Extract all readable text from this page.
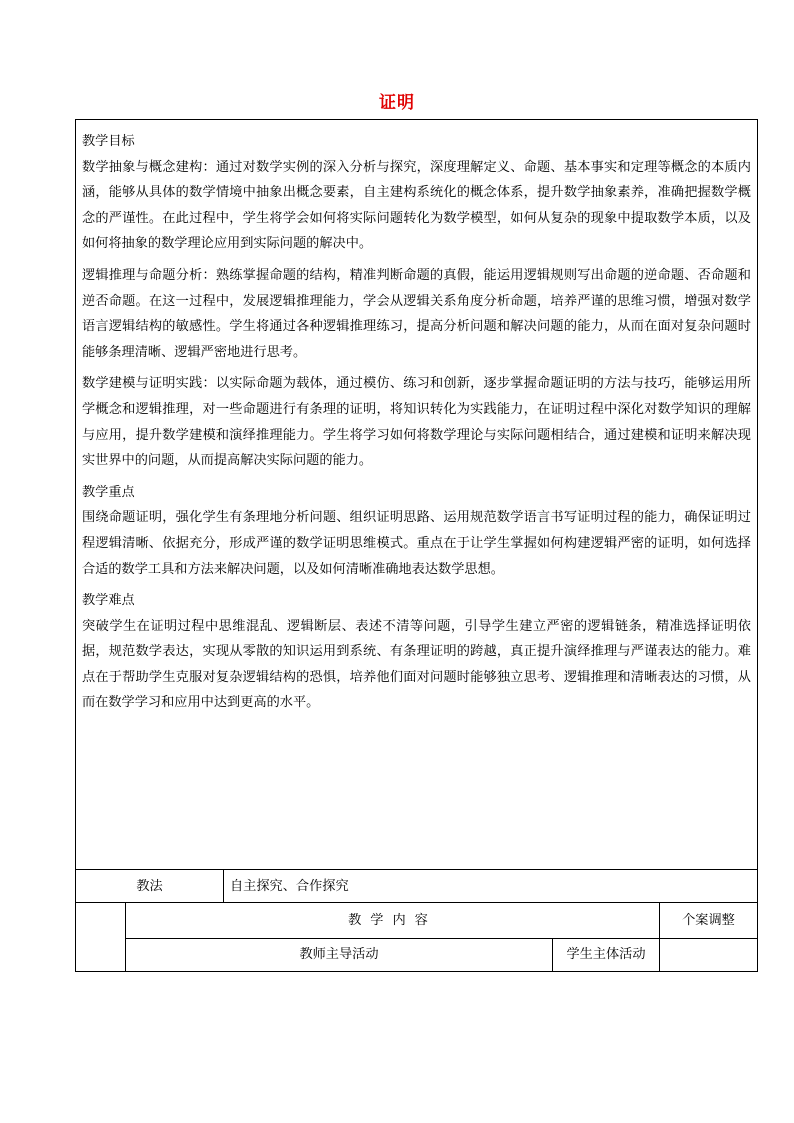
证明

教学目标

数学抽象与概念建构：通过对数学实例的深入分析与探究，深度理解定义、命题、基本事实和定理等概念的本质内涵，能够从具体的数学情境中抽象出概念要素，自主建构系统化的概念体系，提升数学抽象素养，准确把握数学概念的严谨性。在此过程中，学生将学会如何将实际问题转化为数学模型，如何从复杂的现象中提取数学本质，以及如何将抽象的数学理论应用到实际问题的解决中。

逻辑推理与命题分析：熟练掌握命题的结构，精准判断命题的真假，能运用逻辑规则写出命题的逆命题、否命题和逆否命题。在这一过程中，发展逻辑推理能力，学会从逻辑关系角度分析命题，培养严谨的思维习惯，增强对数学语言逻辑结构的敏感性。学生将通过各种逻辑推理练习，提高分析问题和解决问题的能力，从而在面对复杂问题时能够条理清晰、逻辑严密地进行思考。

数学建模与证明实践：以实际命题为载体，通过模仿、练习和创新，逐步掌握命题证明的方法与技巧，能够运用所学概念和逻辑推理，对一些命题进行有条理的证明，将知识转化为实践能力，在证明过程中深化对数学知识的理解与应用，提升数学建模和演绎推理能力。学生将学习如何将数学理论与实际问题相结合，通过建模和证明来解决现实世界中的问题，从而提高解决实际问题的能力。

教学重点

围绕命题证明，强化学生有条理地分析问题、组织证明思路、运用规范数学语言书写证明过程的能力，确保证明过程逻辑清晰、依据充分，形成严谨的数学证明思维模式。重点在于让学生掌握如何构建逻辑严密的证明，如何选择合适的数学工具和方法来解决问题，以及如何清晰准确地表达数学思想。

教学难点

突破学生在证明过程中思维混乱、逻辑断层、表述不清等问题，引导学生建立严密的逻辑链条，精准选择证明依据，规范数学表达，实现从零散的知识运用到系统、有条理证明的跨越，真正提升演绎推理与严谨表达的能力。难点在于帮助学生克服对复杂逻辑结构的恐惧，培养他们面对问题时能够独立思考、逻辑推理和清晰表达的习惯，从而在数学学习和应用中达到更高的水平。

教法	自主探究、合作探究
教学内容	个案调整
教师主导活动	学生主体活动
